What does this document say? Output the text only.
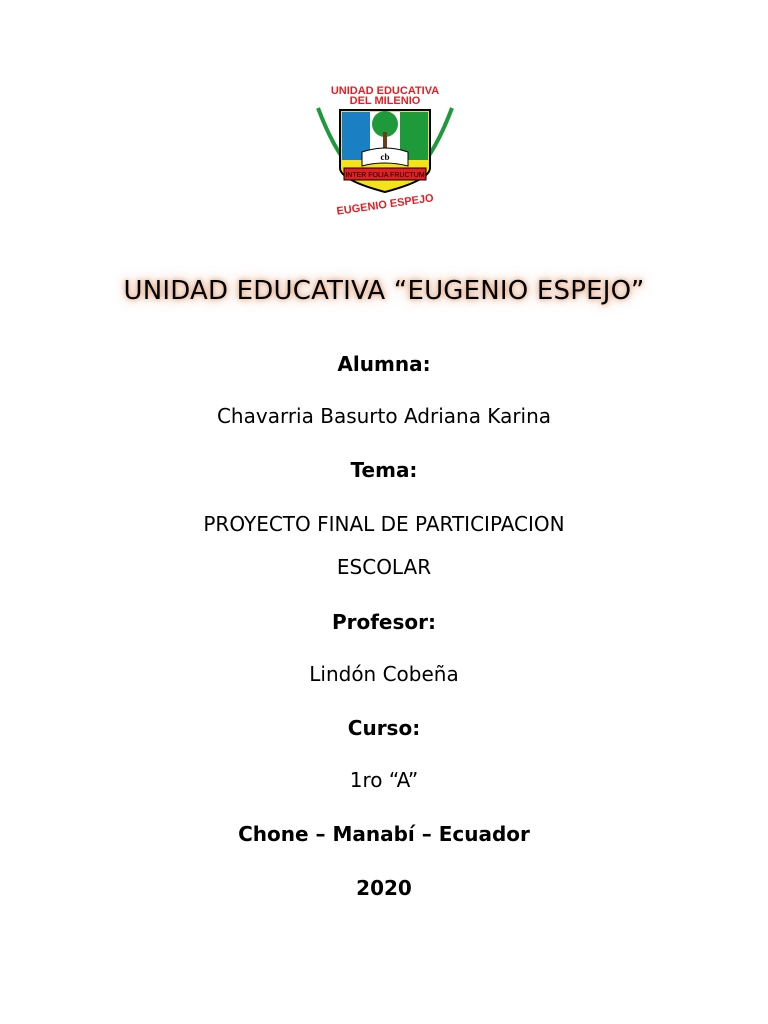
UNIDAD EDUCATIVA
DEL MILENIO
cb
INTER FOLIA FRUCTUM
EUGENIO ESPEJO
UNIDAD EDUCATIVA “EUGENIO ESPEJO”
Alumna:
Chavarria Basurto Adriana Karina
Tema:
PROYECTO FINAL DE PARTICIPACION
ESCOLAR
Profesor:
Lindón Cobeña
Curso:
1ro “A”
Chone – Manabí – Ecuador
2020
